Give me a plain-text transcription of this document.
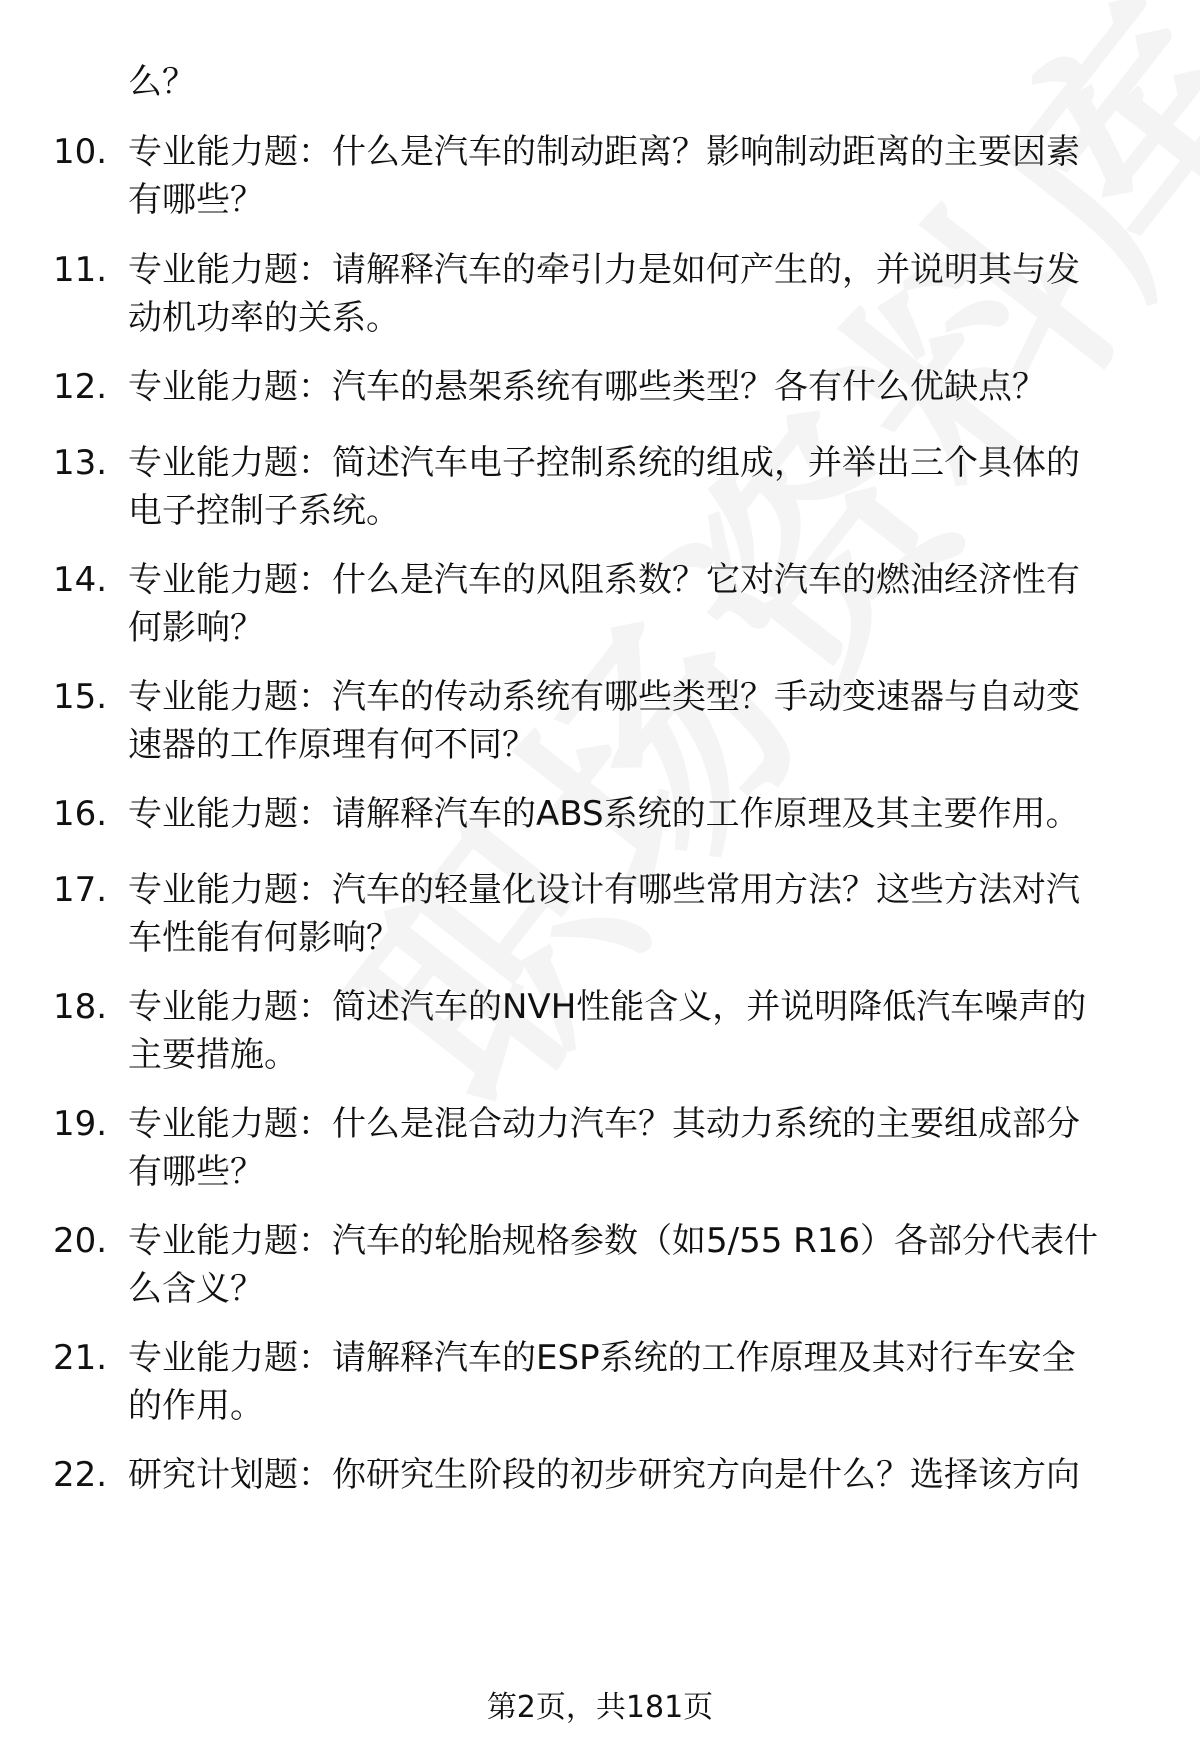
么？
10. 专业能力题：什么是汽车的制动距离？影响制动距离的主要因素
有哪些？
11. 专业能力题：请解释汽车的牵引力是如何产生的，并说明其与发
动机功率的关系。
12. 专业能力题：汽车的悬架系统有哪些类型？各有什么优缺点？
13. 专业能力题：简述汽车电子控制系统的组成，并举出三个具体的
电子控制子系统。
14. 专业能力题：什么是汽车的风阻系数？它对汽车的燃油经济性有
何影响？
15. 专业能力题：汽车的传动系统有哪些类型？手动变速器与自动变
速器的工作原理有何不同？
16. 专业能力题：请解释汽车的ABS系统的工作原理及其主要作用。
17. 专业能力题：汽车的轻量化设计有哪些常用方法？这些方法对汽
车性能有何影响？
18. 专业能力题：简述汽车的NVH性能含义，并说明降低汽车噪声的
主要措施。
19. 专业能力题：什么是混合动力汽车？其动力系统的主要组成部分
有哪些？
20. 专业能力题：汽车的轮胎规格参数（如5/55 R16）各部分代表什
么含义？
21. 专业能力题：请解释汽车的ESP系统的工作原理及其对行车安全
的作用。
22. 研究计划题：你研究生阶段的初步研究方向是什么？选择该方向
第2页，共181页
